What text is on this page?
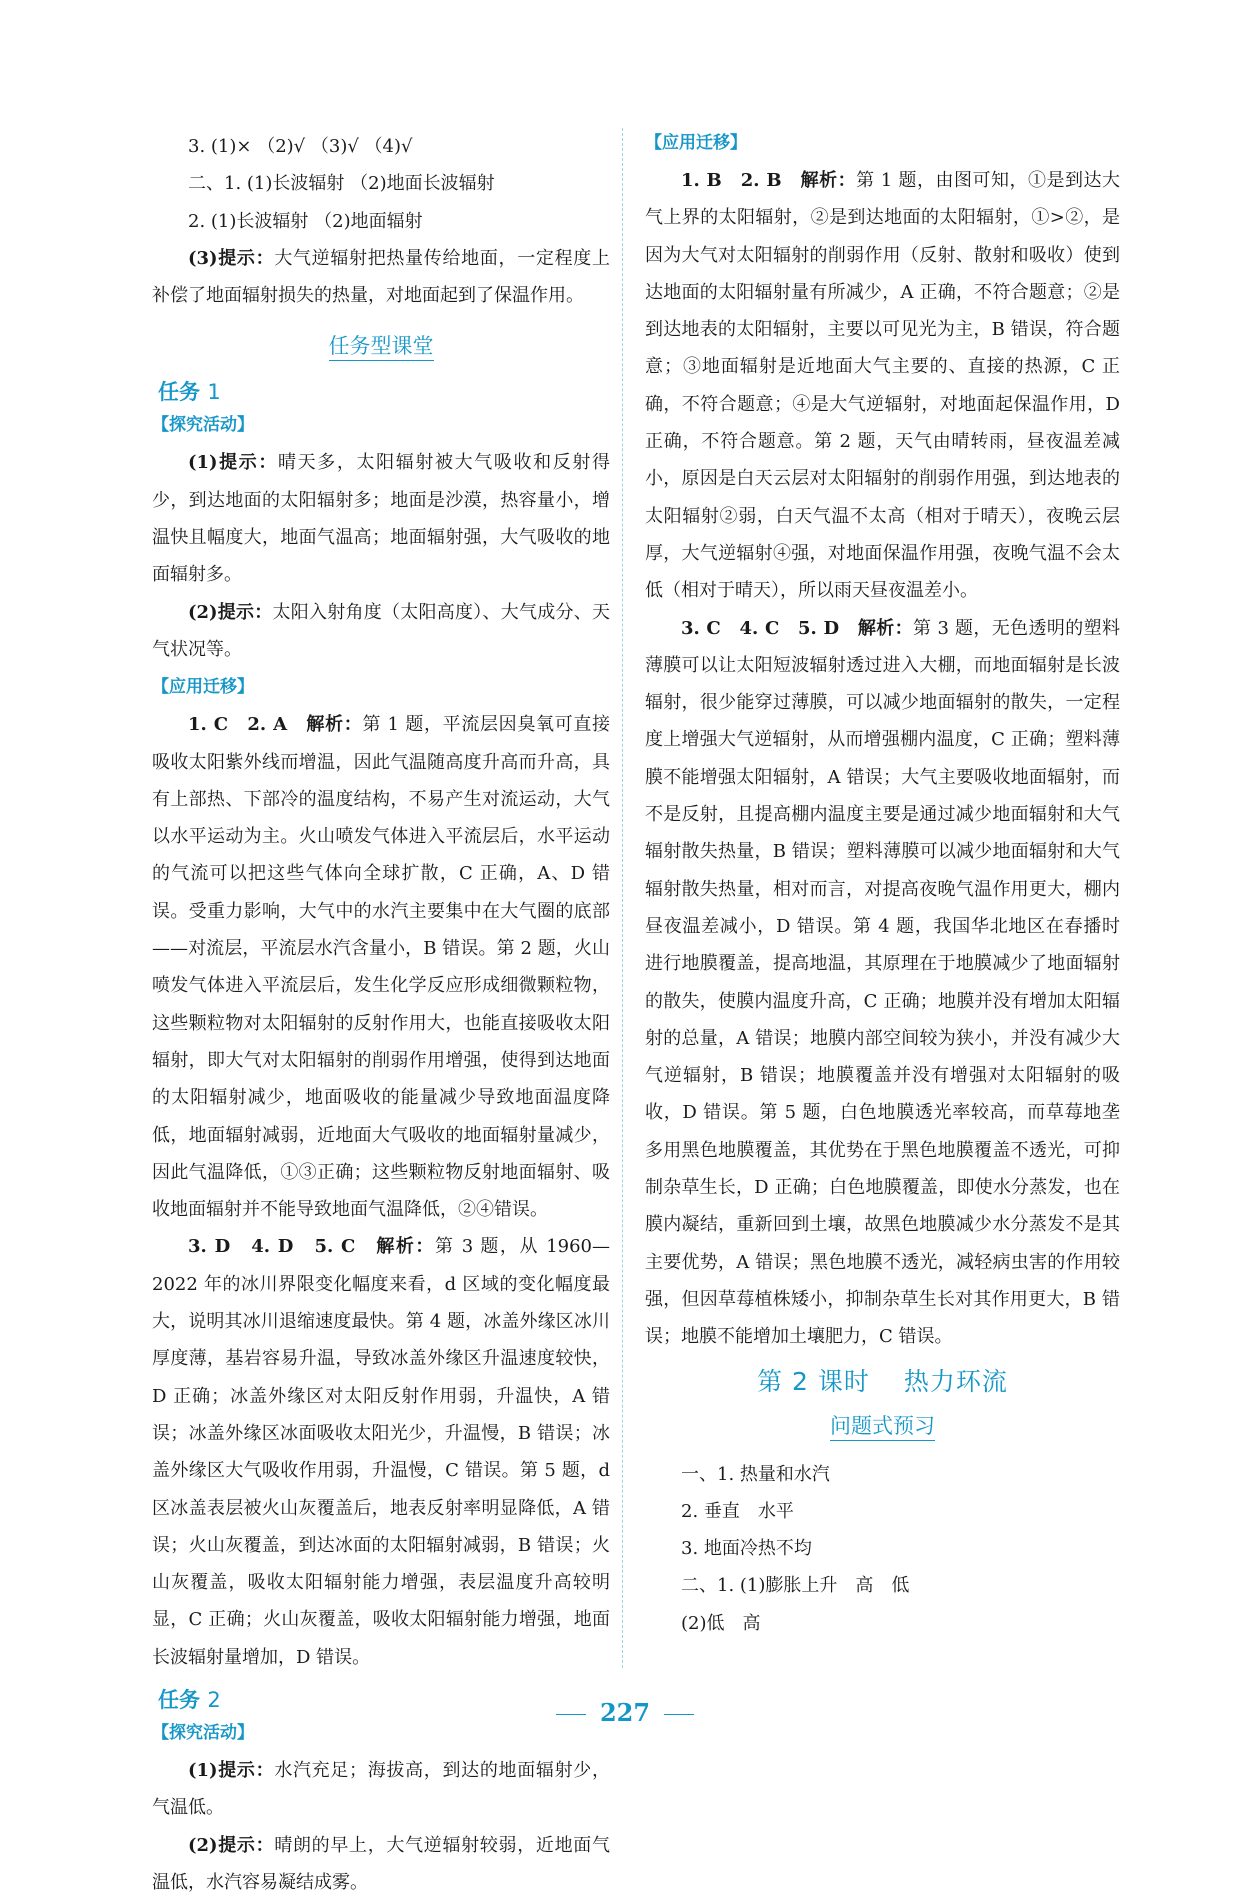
3. (1)× （2)√ （3)√ （4)√

二、1. (1)长波辐射 （2)地面长波辐射

2. (1)长波辐射 （2)地面辐射

(3)提示：大气逆辐射把热量传给地面，一定程度上补偿了地面辐射损失的热量，对地面起到了保温作用。

任务型课堂
任务 1
【探究活动】

(1)提示：晴天多，太阳辐射被大气吸收和反射得少，到达地面的太阳辐射多；地面是沙漠，热容量小，增温快且幅度大，地面气温高；地面辐射强，大气吸收的地面辐射多。

(2)提示：太阳入射角度（太阳高度）、大气成分、天气状况等。

【应用迁移】

1. C　2. A　解析：第 1 题，平流层因臭氧可直接吸收太阳紫外线而增温，因此气温随高度升高而升高，具有上部热、下部冷的温度结构，不易产生对流运动，大气以水平运动为主。火山喷发气体进入平流层后，水平运动的气流可以把这些气体向全球扩散，C 正确，A、D 错误。受重力影响，大气中的水汽主要集中在大气圈的底部——对流层，平流层水汽含量小，B 错误。第 2 题，火山喷发气体进入平流层后，发生化学反应形成细微颗粒物，这些颗粒物对太阳辐射的反射作用大，也能直接吸收太阳辐射，即大气对太阳辐射的削弱作用增强，使得到达地面的太阳辐射减少，地面吸收的能量减少导致地面温度降低，地面辐射减弱，近地面大气吸收的地面辐射量减少，因此气温降低，①③正确；这些颗粒物反射地面辐射、吸收地面辐射并不能导致地面气温降低，②④错误。

3. D　4. D　5. C　解析：第 3 题，从 1960—2022 年的冰川界限变化幅度来看，d 区域的变化幅度最大，说明其冰川退缩速度最快。第 4 题，冰盖外缘区冰川厚度薄，基岩容易升温，导致冰盖外缘区升温速度较快，D 正确；冰盖外缘区对太阳反射作用弱，升温快，A 错误；冰盖外缘区冰面吸收太阳光少，升温慢，B 错误；冰盖外缘区大气吸收作用弱，升温慢，C 错误。第 5 题，d 区冰盖表层被火山灰覆盖后，地表反射率明显降低，A 错误；火山灰覆盖，到达冰面的太阳辐射减弱，B 错误；火山灰覆盖，吸收太阳辐射能力增强，表层温度升高较明显，C 正确；火山灰覆盖，吸收太阳辐射能力增强，地面长波辐射量增加，D 错误。

任务 2
【探究活动】

(1)提示：水汽充足；海拔高，到达的地面辐射少，气温低。

(2)提示：晴朗的早上，大气逆辐射较弱，近地面气温低，水汽容易凝结成雾。

【应用迁移】

1. B　2. B　解析：第 1 题，由图可知，①是到达大气上界的太阳辐射，②是到达地面的太阳辐射，①>②，是因为大气对太阳辐射的削弱作用（反射、散射和吸收）使到达地面的太阳辐射量有所减少，A 正确，不符合题意；②是到达地表的太阳辐射，主要以可见光为主，B 错误，符合题意；③地面辐射是近地面大气主要的、直接的热源，C 正确，不符合题意；④是大气逆辐射，对地面起保温作用，D 正确，不符合题意。第 2 题，天气由晴转雨，昼夜温差减小，原因是白天云层对太阳辐射的削弱作用强，到达地表的太阳辐射②弱，白天气温不太高（相对于晴天），夜晚云层厚，大气逆辐射④强，对地面保温作用强，夜晚气温不会太低（相对于晴天），所以雨天昼夜温差小。

3. C　4. C　5. D　解析：第 3 题，无色透明的塑料薄膜可以让太阳短波辐射透过进入大棚，而地面辐射是长波辐射，很少能穿过薄膜，可以减少地面辐射的散失，一定程度上增强大气逆辐射，从而增强棚内温度，C 正确；塑料薄膜不能增强太阳辐射，A 错误；大气主要吸收地面辐射，而不是反射，且提高棚内温度主要是通过减少地面辐射和大气辐射散失热量，B 错误；塑料薄膜可以减少地面辐射和大气辐射散失热量，相对而言，对提高夜晚气温作用更大，棚内昼夜温差减小，D 错误。第 4 题，我国华北地区在春播时进行地膜覆盖，提高地温，其原理在于地膜减少了地面辐射的散失，使膜内温度升高，C 正确；地膜并没有增加太阳辐射的总量，A 错误；地膜内部空间较为狭小，并没有减少大气逆辐射，B 错误；地膜覆盖并没有增强对太阳辐射的吸收，D 错误。第 5 题，白色地膜透光率较高，而草莓地垄多用黑色地膜覆盖，其优势在于黑色地膜覆盖不透光，可抑制杂草生长，D 正确；白色地膜覆盖，即使水分蒸发，也在膜内凝结，重新回到土壤，故黑色地膜减少水分蒸发不是其主要优势，A 错误；黑色地膜不透光，减轻病虫害的作用较强，但因草莓植株矮小，抑制杂草生长对其作用更大，B 错误；地膜不能增加土壤肥力，C 错误。

第 2 课时 热力环流
问题式预习

一、1. 热量和水汽

2. 垂直　水平

3. 地面冷热不均

二、1. (1)膨胀上升　高　低

(2)低　高

227
